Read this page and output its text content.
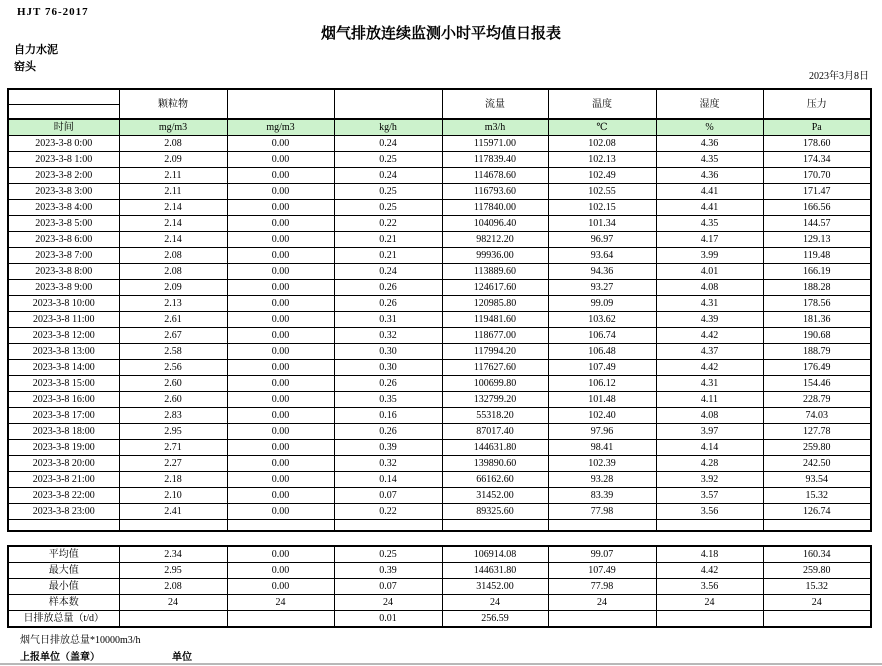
HJT 76-2017
烟气排放连续监测小时平均值日报表
自力水泥
窑头
2023年3月8日
	颗粒物			流量	温度	湿度	压力

时间	mg/m3	mg/m3	kg/h	m3/h	℃	%	Pa
2023-3-8 0:00	2.08	0.00	0.24	115971.00	102.08	4.36	178.60
2023-3-8 1:00	2.09	0.00	0.25	117839.40	102.13	4.35	174.34
2023-3-8 2:00	2.11	0.00	0.24	114678.60	102.49	4.36	170.70
2023-3-8 3:00	2.11	0.00	0.25	116793.60	102.55	4.41	171.47
2023-3-8 4:00	2.14	0.00	0.25	117840.00	102.15	4.41	166.56
2023-3-8 5:00	2.14	0.00	0.22	104096.40	101.34	4.35	144.57
2023-3-8 6:00	2.14	0.00	0.21	98212.20	96.97	4.17	129.13
2023-3-8 7:00	2.08	0.00	0.21	99936.00	93.64	3.99	119.48
2023-3-8 8:00	2.08	0.00	0.24	113889.60	94.36	4.01	166.19
2023-3-8 9:00	2.09	0.00	0.26	124617.60	93.27	4.08	188.28
2023-3-8 10:00	2.13	0.00	0.26	120985.80	99.09	4.31	178.56
2023-3-8 11:00	2.61	0.00	0.31	119481.60	103.62	4.39	181.36
2023-3-8 12:00	2.67	0.00	0.32	118677.00	106.74	4.42	190.68
2023-3-8 13:00	2.58	0.00	0.30	117994.20	106.48	4.37	188.79
2023-3-8 14:00	2.56	0.00	0.30	117627.60	107.49	4.42	176.49
2023-3-8 15:00	2.60	0.00	0.26	100699.80	106.12	4.31	154.46
2023-3-8 16:00	2.60	0.00	0.35	132799.20	101.48	4.11	228.79
2023-3-8 17:00	2.83	0.00	0.16	55318.20	102.40	4.08	74.03
2023-3-8 18:00	2.95	0.00	0.26	87017.40	97.96	3.97	127.78
2023-3-8 19:00	2.71	0.00	0.39	144631.80	98.41	4.14	259.80
2023-3-8 20:00	2.27	0.00	0.32	139890.60	102.39	4.28	242.50
2023-3-8 21:00	2.18	0.00	0.14	66162.60	93.28	3.92	93.54
2023-3-8 22:00	2.10	0.00	0.07	31452.00	83.39	3.57	15.32
2023-3-8 23:00	2.41	0.00	0.22	89325.60	77.98	3.56	126.74

平均值	2.34	0.00	0.25	106914.08	99.07	4.18	160.34
最大值	2.95	0.00	0.39	144631.80	107.49	4.42	259.80
最小值	2.08	0.00	0.07	31452.00	77.98	3.56	15.32
样本数	24	24	24	24	24	24	24
日排放总量（t/d）			0.01	256.59			
烟气日排放总量*10000m3/h
上报单位（盖章）	单位
